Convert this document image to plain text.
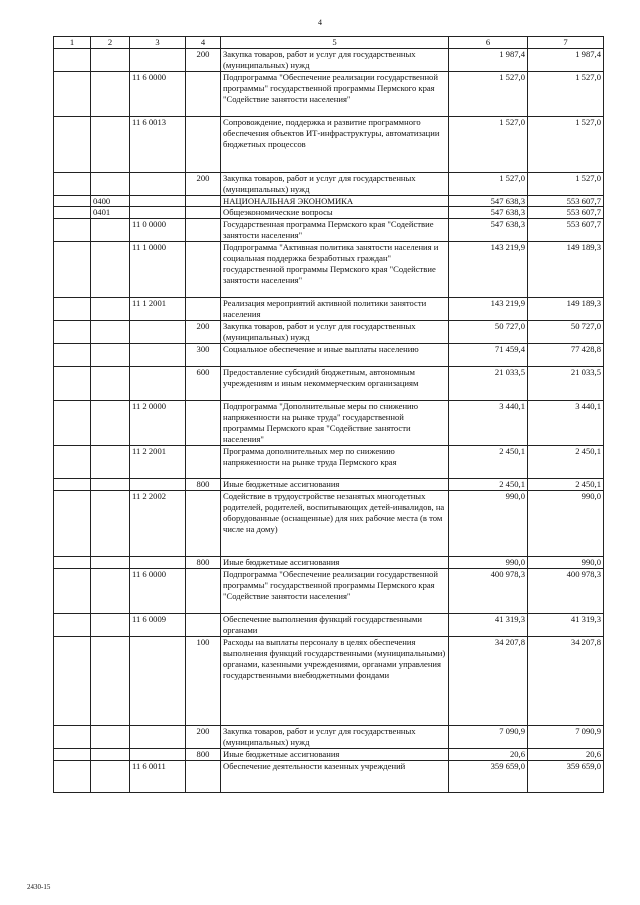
4
1	2	3	4	5	6	7
			200	Закупка товаров, работ и услуг для государственных (муниципальных) нужд	1 987,4	1 987,4
		11 6 0000		Подпрограмма "Обеспечение реализации государственной программы" государственной программы Пермского края "Содействие занятости населения"	1 527,0	1 527,0
		11 6 0013		Сопровождение, поддержка и развитие программного обеспечения объектов ИТ-инфраструктуры, автоматизации бюджетных процессов	1 527,0	1 527,0
			200	Закупка товаров, работ и услуг для государственных (муниципальных) нужд	1 527,0	1 527,0
	0400			НАЦИОНАЛЬНАЯ ЭКОНОМИКА	547 638,3	553 607,7
	0401			Общеэкономические вопросы	547 638,3	553 607,7
		11 0 0000		Государственная программа Пермского края "Содействие занятости населения"	547 638,3	553 607,7
		11 1 0000		Подпрограмма "Активная политика занятости населения и социальная поддержка безработных граждан" государственной программы Пермского края "Содействие занятости населения"	143 219,9	149 189,3
		11 1 2001		Реализация мероприятий активной политики занятости населения	143 219,9	149 189,3
			200	Закупка товаров, работ и услуг для государственных (муниципальных) нужд	50 727,0	50 727,0
			300	Социальное обеспечение и иные выплаты населению	71 459,4	77 428,8
			600	Предоставление субсидий бюджетным, автономным учреждениям и иным некоммерческим организациям	21 033,5	21 033,5
		11 2 0000		Подпрограмма "Дополнительные меры по снижению напряженности на рынке труда" государственной программы Пермского края "Содействие занятости населения"	3 440,1	3 440,1
		11 2 2001		Программа дополнительных мер по снижению напряженности на рынке труда Пермского края	2 450,1	2 450,1
			800	Иные бюджетные ассигнования	2 450,1	2 450,1
		11 2 2002		Содействие в трудоустройстве незанятых многодетных родителей, родителей, воспитывающих детей-инвалидов, на оборудованные (оснащенные) для них рабочие места (в том числе на дому)	990,0	990,0
			800	Иные бюджетные ассигнования	990,0	990,0
		11 6 0000		Подпрограмма "Обеспечение реализации государственной программы" государственной программы Пермского края "Содействие занятости населения"	400 978,3	400 978,3
		11 6 0009		Обеспечение выполнения функций государственными органами	41 319,3	41 319,3
			100	Расходы на выплаты персоналу в целях обеспечения выполнения функций государственными (муниципальными) органами, казенными учреждениями, органами управления государственными внебюджетными фондами	34 207,8	34 207,8
			200	Закупка товаров, работ и услуг для государственных (муниципальных) нужд	7 090,9	7 090,9
			800	Иные бюджетные ассигнования	20,6	20,6
		11 6 0011		Обеспечение деятельности казенных учреждений	359 659,0	359 659,0
2430-15
